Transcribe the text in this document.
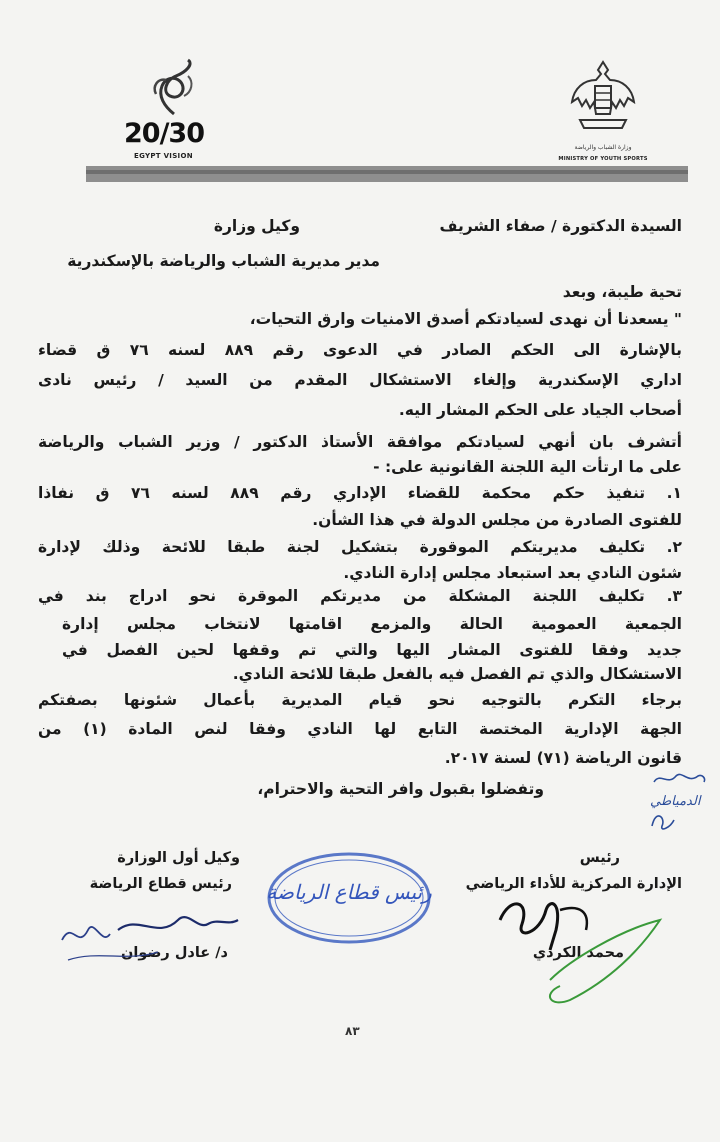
20/30
EGYPT VISION
وزارة الشباب والرياضة
MINISTRY OF YOUTH SPORTS
السيدة الدكتورة / صفاء الشريف
وكيل وزارة
مدير مديرية الشباب والرياضة بالإسكندرية
تحية طيبة، وبعد
" يسعدنا أن نهدى لسيادتكم أصدق الامنيات وارق التحيات،
بالإشارة الى الحكم الصادر في الدعوى رقم ٨٨٩ لسنه ٧٦ ق قضاء
اداري الإسكندرية وإلغاء الاستشكال المقدم من السيد / رئيس نادى
أصحاب الجياد على الحكم المشار اليه.
أتشرف بان أنهي لسيادتكم موافقة الأستاذ الدكتور / وزير الشباب والرياضة
على ما ارتأت الية اللجنة القانونية على: -
١. تنفيذ حكم محكمة للقضاء الإداري رقم ٨٨٩ لسنه ٧٦ ق نفاذا
للفتوى الصادرة من مجلس الدولة في هذا الشأن.
٢. تكليف مديريتكم الموقورة بتشكيل لجنة طبقا للائحة وذلك لإدارة
شئون النادي بعد استبعاد مجلس إدارة النادي.
٣. تكليف اللجنة المشكلة من مديرتكم الموقرة نحو ادراج بند في
الجمعية العمومية الحالة والمزمع اقامتها لانتخاب مجلس إدارة
جديد وفقا للفتوى المشار اليها والتي تم وقفها لحين الفصل في
الاستشكال والذي تم الفصل فيه بالفعل طبقا للائحة النادي.
برجاء التكرم بالتوجيه نحو قيام المديرية بأعمال شئونها بصفتكم
الجهة الإدارية المختصة التابع لها النادي وفقا لنص المادة (١) من
قانون الرياضة (٧١) لسنة ٢٠١٧.
وتفضلوا بقبول وافر التحية والاحترام،
الدمياطي
رئيس
الإدارة المركزية للأداء الرياضي
محمد الكردي
رئيس قطاع الرياضة
وكيل أول الوزارة
رئيس قطاع الرياضة
د/ عادل رضوان
٨٣
